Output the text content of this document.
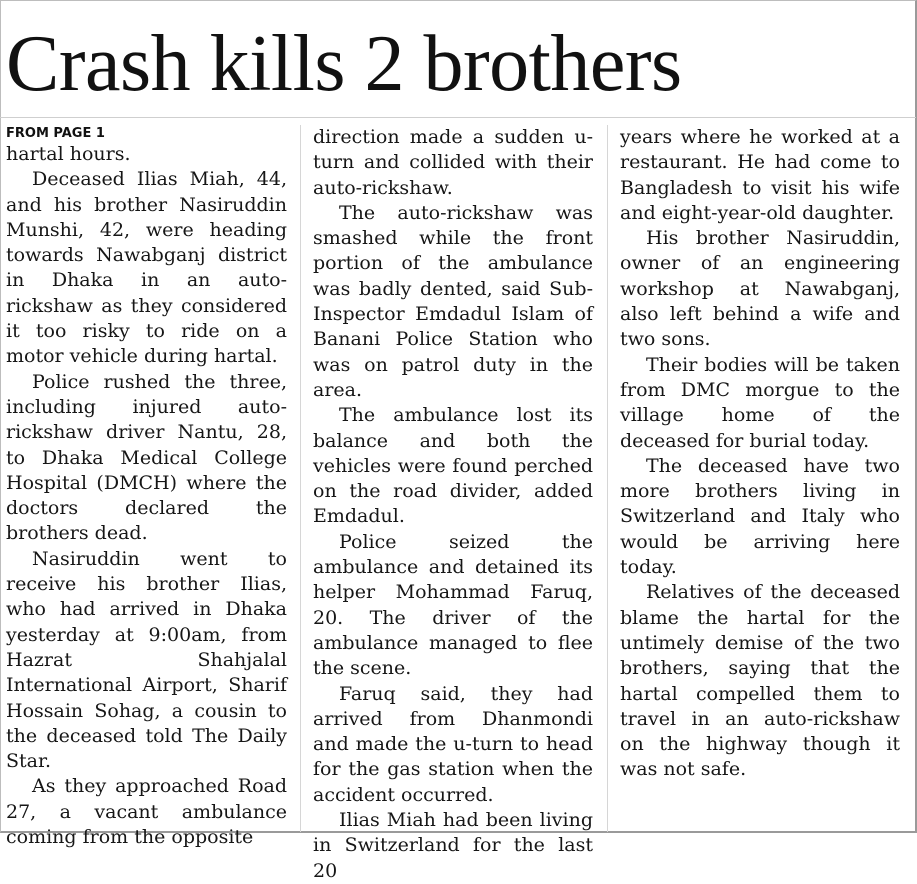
Crash kills 2 brothers

FROM PAGE 1

hartal hours.

Deceased Ilias Miah, 44, and his brother Nasiruddin Munshi, 42, were heading towards Nawabganj district in Dhaka in an auto-rickshaw as they considered it too risky to ride on a motor vehicle during hartal.

Police rushed the three, including injured auto-rickshaw driver Nantu, 28, to Dhaka Medical College Hospital (DMCH) where the doctors declared the brothers dead.

Nasiruddin went to receive his brother Ilias, who had arrived in Dhaka yesterday at 9:00am, from Hazrat Shahjalal International Airport, Sharif Hossain Sohag, a cousin to the deceased told The Daily Star.

As they approached Road 27, a vacant ambulance coming from the opposite

direction made a sudden u-turn and collided with their auto-rickshaw.

The auto-rickshaw was smashed while the front portion of the ambulance was badly dented, said Sub-Inspector Emdadul Islam of Banani Police Station who was on patrol duty in the area.

The ambulance lost its balance and both the vehicles were found perched on the road divider, added Emdadul.

Police seized the ambulance and detained its helper Mohammad Faruq, 20. The driver of the ambulance managed to flee the scene.

Faruq said, they had arrived from Dhanmondi and made the u-turn to head for the gas station when the accident occurred.

Ilias Miah had been living in Switzerland for the last 20

years where he worked at a restaurant. He had come to Bangladesh to visit his wife and eight-year-old daughter.

His brother Nasiruddin, owner of an engineering workshop at Nawabganj, also left behind a wife and two sons.

Their bodies will be taken from DMC morgue to the village home of the deceased for burial today.

The deceased have two more brothers living in Switzerland and Italy who would be arriving here today.

Relatives of the deceased blame the hartal for the untimely demise of the two brothers, saying that the hartal compelled them to travel in an auto-rickshaw on the highway though it was not safe.
